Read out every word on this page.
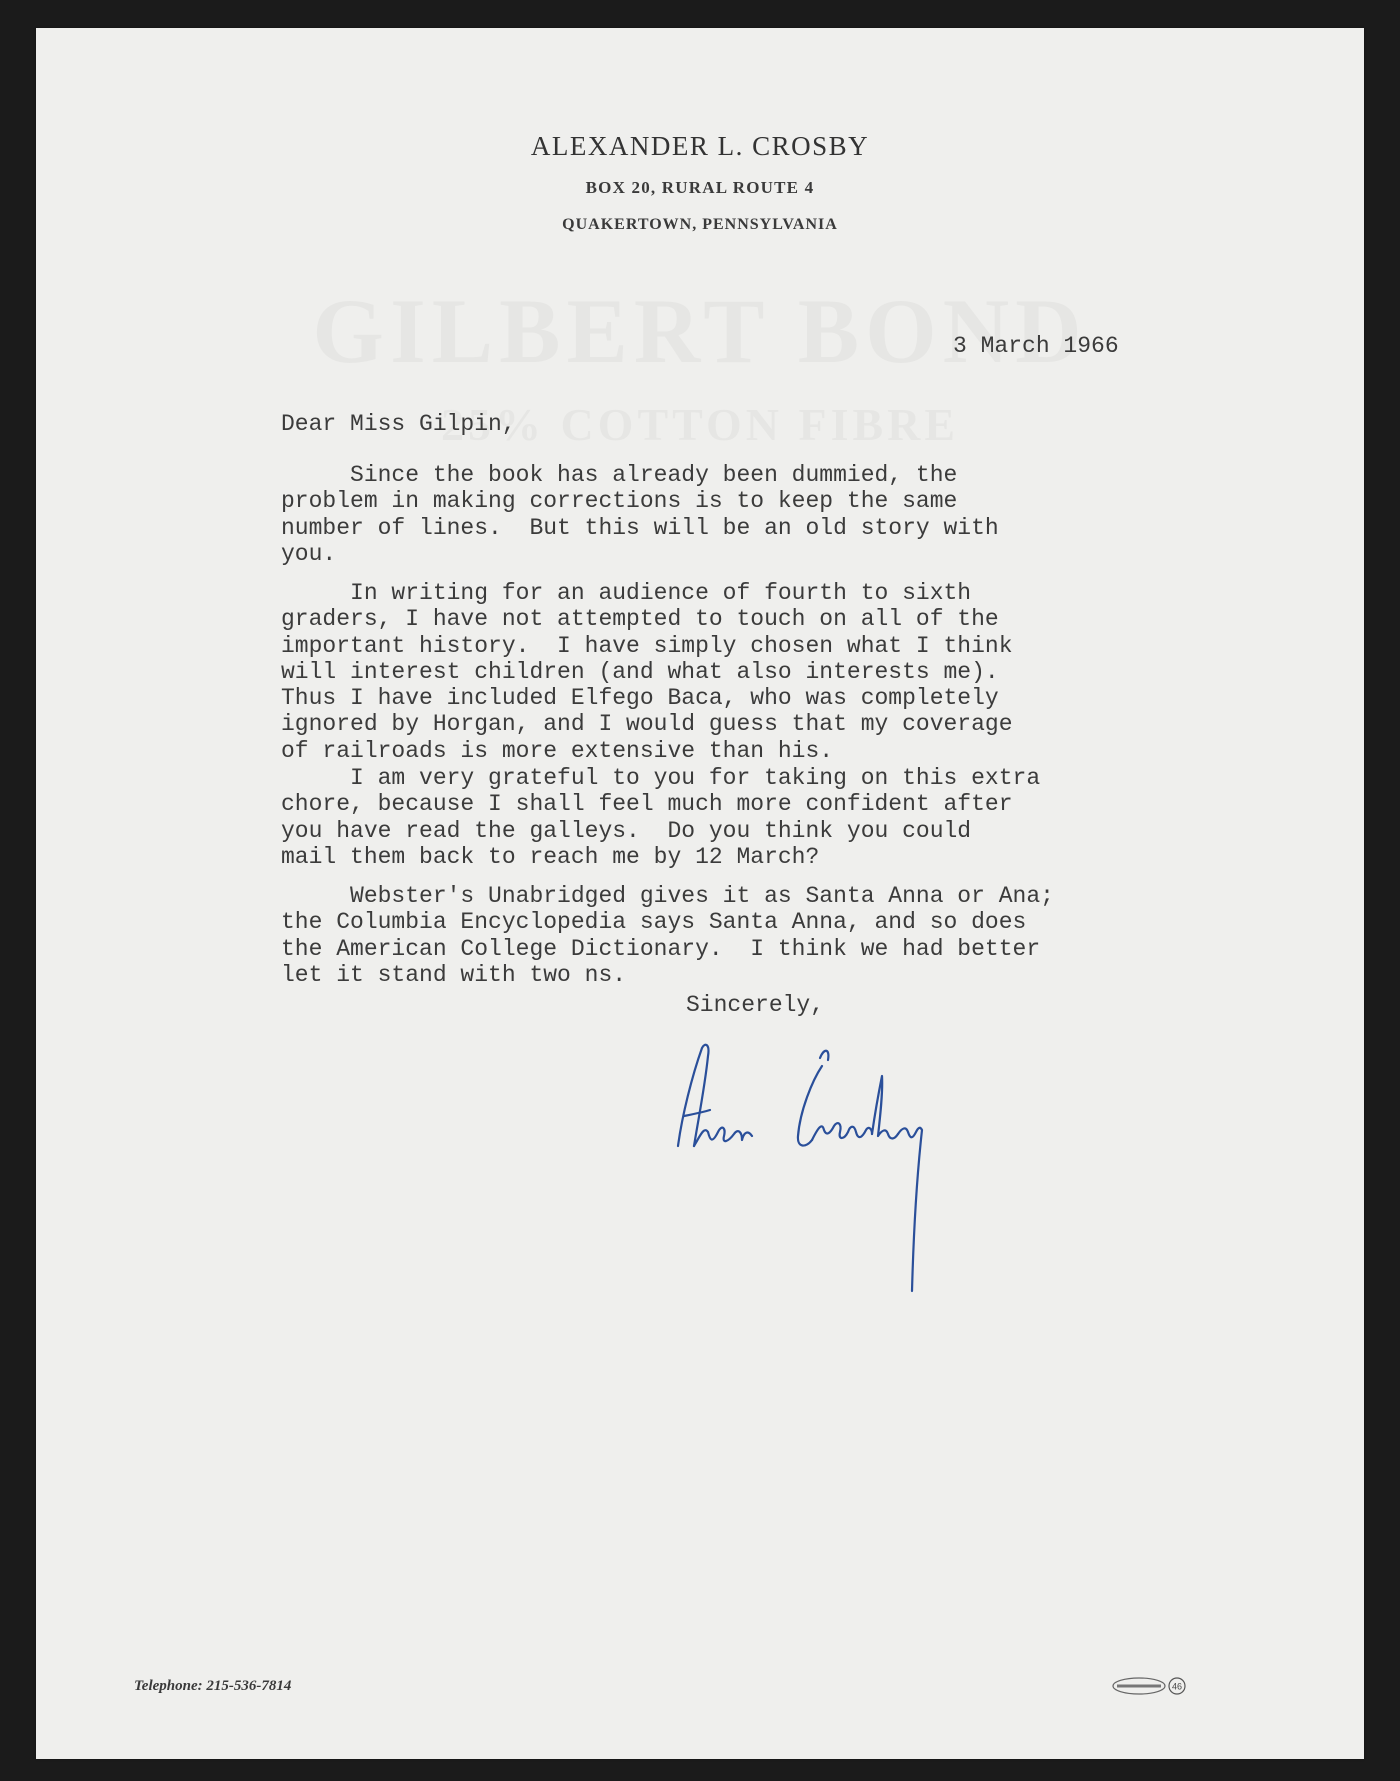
ALEXANDER L. CROSBY
BOX 20, RURAL ROUTE 4
QUAKERTOWN, PENNSYLVANIA
3 March 1966
Dear Miss Gilpin,

Since the book has already been dummied, the
problem in making corrections is to keep the same
number of lines.  But this will be an old story with
you.

In writing for an audience of fourth to sixth
graders, I have not attempted to touch on all of the
important history.  I have simply chosen what I think
will interest children (and what also interests me).
Thus I have included Elfego Baca, who was completely
ignored by Horgan, and I would guess that my coverage
of railroads is more extensive than his.

I am very grateful to you for taking on this extra
chore, because I shall feel much more confident after
you have read the galleys.  Do you think you could
mail them back to reach me by 12 March?

Webster's Unabridged gives it as Santa Anna or Ana;
the Columbia Encyclopedia says Santa Anna, and so does
the American College Dictionary.  I think we had better
let it stand with two ns.

Sincerely,
Telephone: 215-536-7814	46
